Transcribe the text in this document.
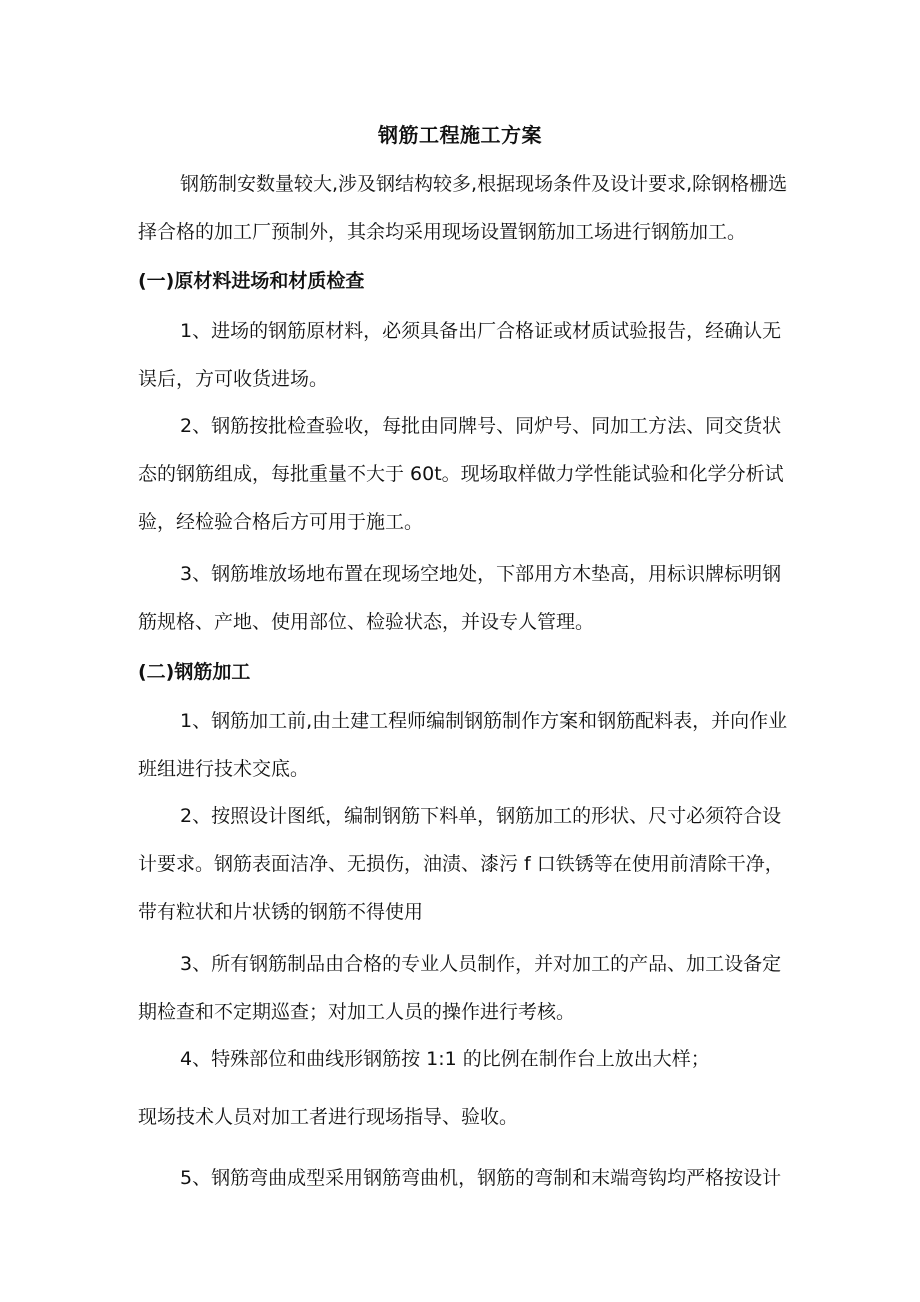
钢筋工程施工方案
钢筋制安数量较大,涉及钢结构较多,根据现场条件及设计要求,除钢格栅选
择合格的加工厂预制外，其余均采用现场设置钢筋加工场进行钢筋加工。
(一)原材料进场和材质检查
1、进场的钢筋原材料，必须具备出厂合格证或材质试验报告，经确认无
误后，方可收货进场。
2、钢筋按批检查验收，每批由同牌号、同炉号、同加工方法、同交货状
态的钢筋组成，每批重量不大于 60t。现场取样做力学性能试验和化学分析试
验，经检验合格后方可用于施工。
3、钢筋堆放场地布置在现场空地处，下部用方木垫高，用标识牌标明钢
筋规格、产地、使用部位、检验状态，并设专人管理。
(二)钢筋加工
1、钢筋加工前,由土建工程师编制钢筋制作方案和钢筋配料表，并向作业
班组进行技术交底。
2、按照设计图纸，编制钢筋下料单，钢筋加工的形状、尺寸必须符合设
计要求。钢筋表面洁净、无损伤，油渍、漆污 f 口铁锈等在使用前清除干净，
带有粒状和片状锈的钢筋不得使用
3、所有钢筋制品由合格的专业人员制作，并对加工的产品、加工设备定
期检查和不定期巡查；对加工人员的操作进行考核。
4、特殊部位和曲线形钢筋按 1:1 的比例在制作台上放出大样；
现场技术人员对加工者进行现场指导、验收。
5、钢筋弯曲成型采用钢筋弯曲机，钢筋的弯制和末端弯钩均严格按设计
